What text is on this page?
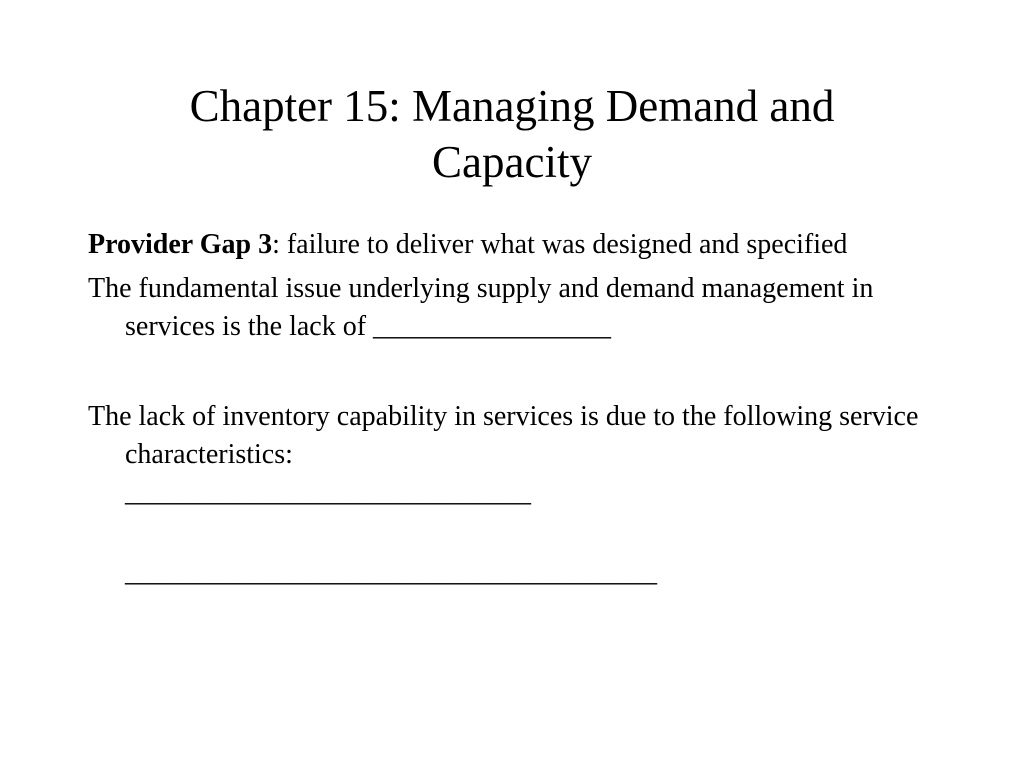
Chapter 15: Managing Demand and
Capacity

Provider Gap 3: failure to deliver what was designed and specified

The fundamental issue underlying supply and demand management in services is the lack of _________________

The lack of inventory capability in services is due to the following service characteristics:

_____________________________
______________________________________
